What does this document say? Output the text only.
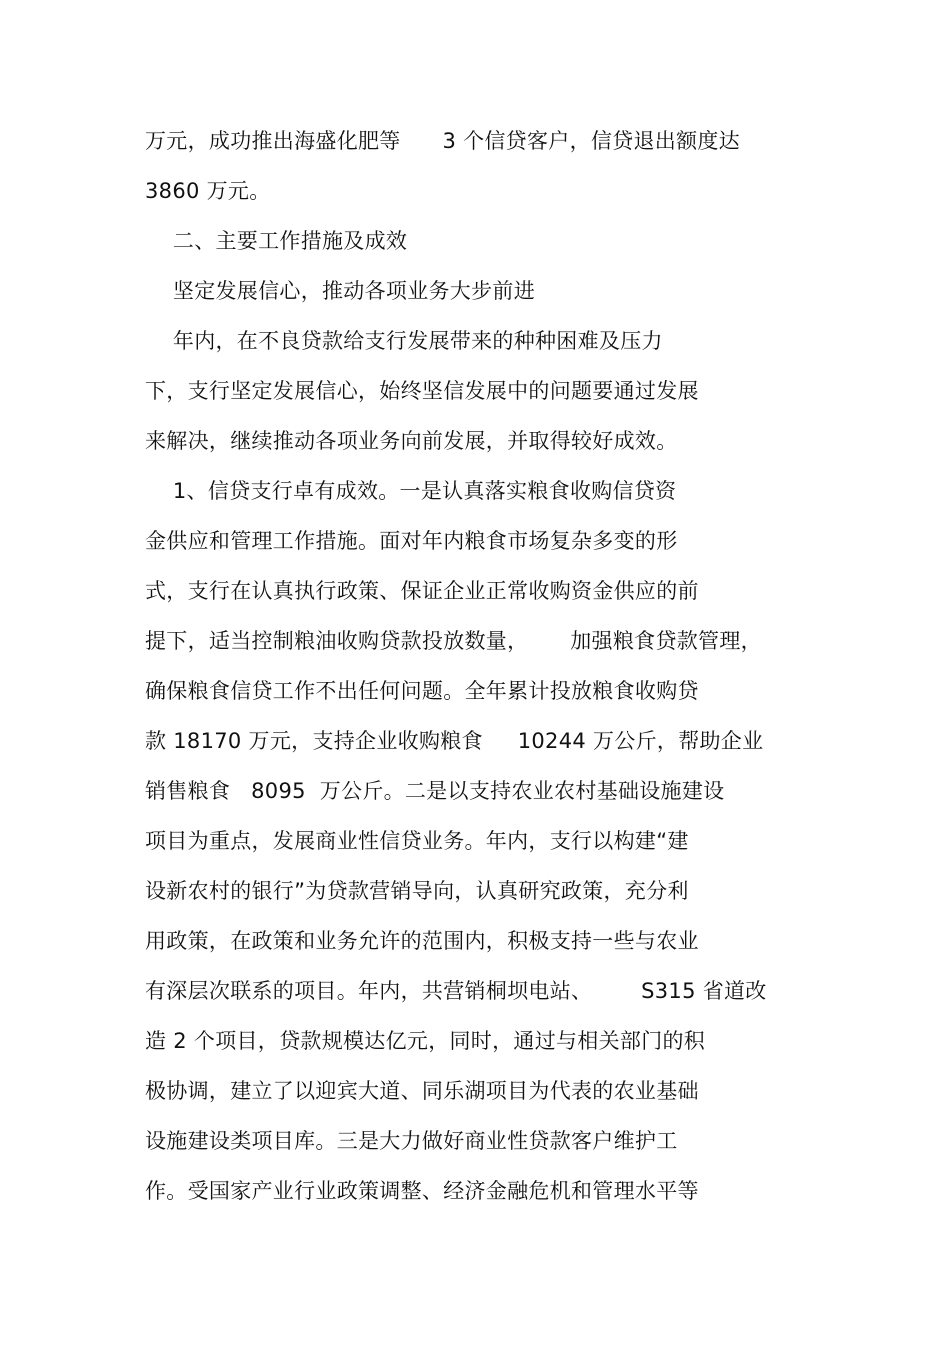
万元，成功推出海盛化肥等      3 个信贷客户，信贷退出额度达
3860 万元。
二、主要工作措施及成效
坚定发展信心，推动各项业务大步前进
年内，在不良贷款给支行发展带来的种种困难及压力
下，支行坚定发展信心，始终坚信发展中的问题要通过发展
来解决，继续推动各项业务向前发展，并取得较好成效。
1、信贷支行卓有成效。一是认真落实粮食收购信贷资
金供应和管理工作措施。面对年内粮食市场复杂多变的形
式，支行在认真执行政策、保证企业正常收购资金供应的前
提下，适当控制粮油收购贷款投放数量，      加强粮食贷款管理，
确保粮食信贷工作不出任何问题。全年累计投放粮食收购贷
款 18170 万元，支持企业收购粮食     10244 万公斤，帮助企业
销售粮食   8095  万公斤。二是以支持农业农村基础设施建设
项目为重点，发展商业性信贷业务。年内，支行以构建“建
设新农村的银行”为贷款营销导向，认真研究政策，充分利
用政策，在政策和业务允许的范围内，积极支持一些与农业
有深层次联系的项目。年内，共营销桐坝电站、       S315 省道改
造 2 个项目，贷款规模达亿元，同时，通过与相关部门的积
极协调，建立了以迎宾大道、同乐湖项目为代表的农业基础
设施建设类项目库。三是大力做好商业性贷款客户维护工
作。受国家产业行业政策调整、经济金融危机和管理水平等
